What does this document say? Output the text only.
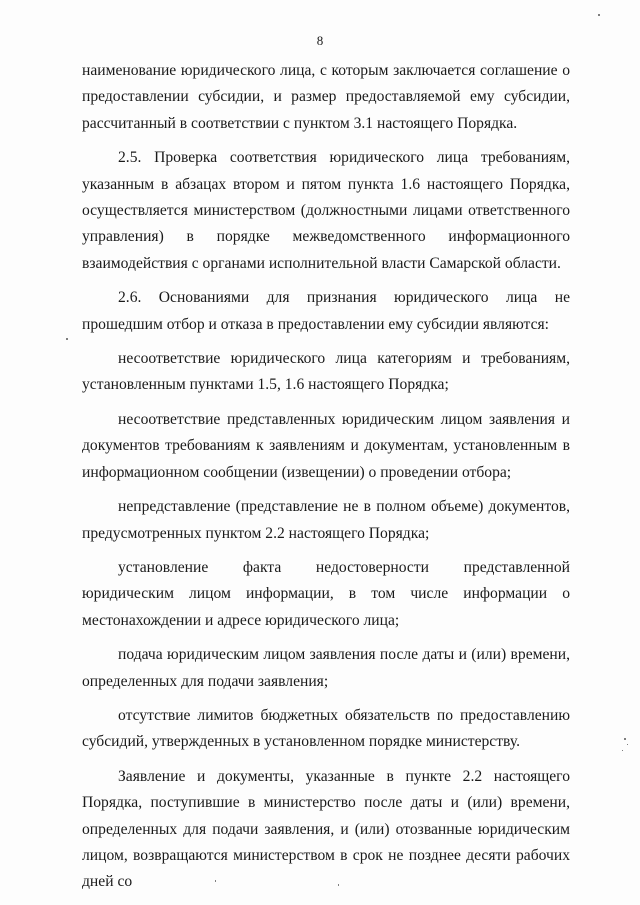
8

наименование юридического лица, с которым заключается соглашение о предоставлении субсидии, и размер предоставляемой ему субсидии, рассчитанный в соответствии с пунктом 3.1 настоящего Порядка.

2.5. Проверка соответствия юридического лица требованиям, указанным в абзацах втором и пятом пункта 1.6 настоящего Порядка, осуществляется министерством (должностными лицами ответственного управления) в порядке межведомственного информационного взаимодействия с органами исполнительной власти Самарской области.

2.6. Основаниями для признания юридического лица не прошедшим отбор и отказа в предоставлении ему субсидии являются:

несоответствие юридического лица категориям и требованиям, установленным пунктами 1.5, 1.6 настоящего Порядка;

несоответствие представленных юридическим лицом заявления и документов требованиям к заявлениям и документам, установленным в информационном сообщении (извещении) о проведении отбора;

непредставление (представление не в полном объеме) документов, предусмотренных пунктом 2.2 настоящего Порядка;

установление факта недостоверности представленной юридическим лицом информации, в том числе информации о местонахождении и адресе юридического лица;

подача юридическим лицом заявления после даты и (или) времени, определенных для подачи заявления;

отсутствие лимитов бюджетных обязательств по предоставлению субсидий, утвержденных в установленном порядке министерству.

Заявление и документы, указанные в пункте 2.2 настоящего Порядка, поступившие в министерство после даты и (или) времени, определенных для подачи заявления, и (или) отозванные юридическим лицом, возвращаются министерством в срок не позднее десяти рабочих дней со
